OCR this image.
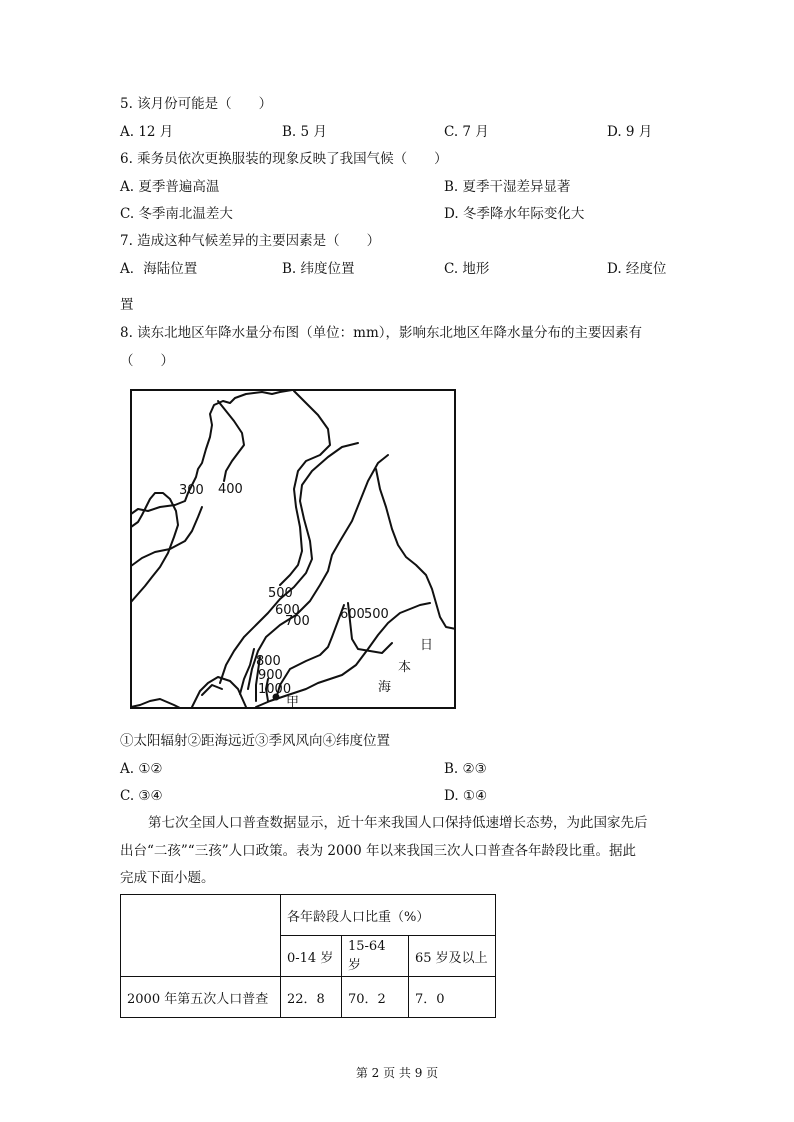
5. 该月份可能是（　　）
A. 12 月	B. 5 月	C. 7 月	D. 9 月
6. 乘务员依次更换服装的现象反映了我国气候（　　）
A. 夏季普遍高温	B. 夏季干湿差异显著
C. 冬季南北温差大	D. 冬季降水年际变化大
7. 造成这种气候差异的主要因素是（　　）
A．海陆位置	B. 纬度位置	C. 地形	D. 经度位
置
8. 读东北地区年降水量分布图（单位：mm），影响东北地区年降水量分布的主要因素有
（　　）
300 400
500
600
700 600 500
800
900
1000
甲
日
本
海
①太阳辐射②距海远近③季风风向④纬度位置
A. ①②	B. ②③
C. ③④	D. ①④
第七次全国人口普查数据显示，近十年来我国人口保持低速增长态势，为此国家先后
出台“二孩”“三孩”人口政策。表为 2000 年以来我国三次人口普查各年龄段比重。据此
完成下面小题。
	各年龄段人口比重（%）		
	0-14 岁	15-64 岁	65 岁及以上
2000 年第五次人口普查	22．8	70．2	7．0
第 2 页 共 9 页
